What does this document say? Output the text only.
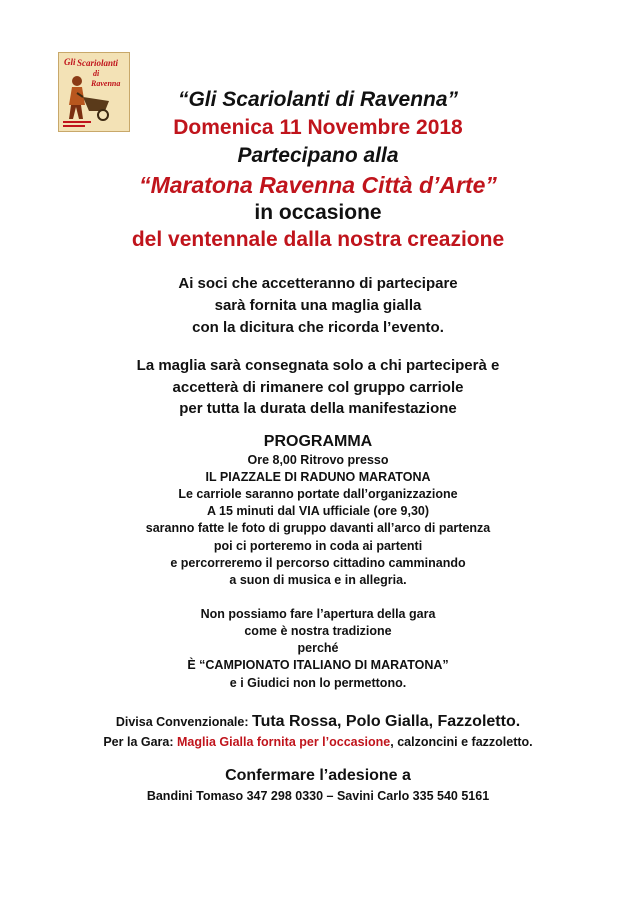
Gli Scariolanti
di
Ravenna
“Gli Scariolanti di Ravenna”
Domenica 11 Novembre 2018
Partecipano alla
“Maratona Ravenna Città d’Arte”
in occasione
del ventennale dalla nostra creazione
Ai soci che accetteranno di partecipare
sarà fornita una maglia gialla
con la dicitura che ricorda l’evento.
La maglia sarà consegnata solo a chi parteciperà e
accetterà di rimanere col gruppo carriole
per tutta la durata della manifestazione
PROGRAMMA
Ore 8,00 Ritrovo presso
IL PIAZZALE DI RADUNO MARATONA
Le carriole saranno portate dall’organizzazione
A 15 minuti dal VIA ufficiale (ore 9,30)
saranno fatte le foto di gruppo davanti all’arco di partenza
poi ci porteremo in coda ai partenti
e percorreremo il percorso cittadino camminando
a suon di musica e in allegria.
Non possiamo fare l’apertura della gara
come è nostra tradizione
perché
È “CAMPIONATO ITALIANO DI MARATONA”
e i Giudici non lo permettono.
Divisa Convenzionale: Tuta Rossa, Polo Gialla, Fazzoletto.
Per la Gara: Maglia Gialla fornita per l’occasione, calzoncini e fazzoletto.
Confermare l’adesione a
Bandini Tomaso 347 298 0330 – Savini Carlo 335 540 5161
